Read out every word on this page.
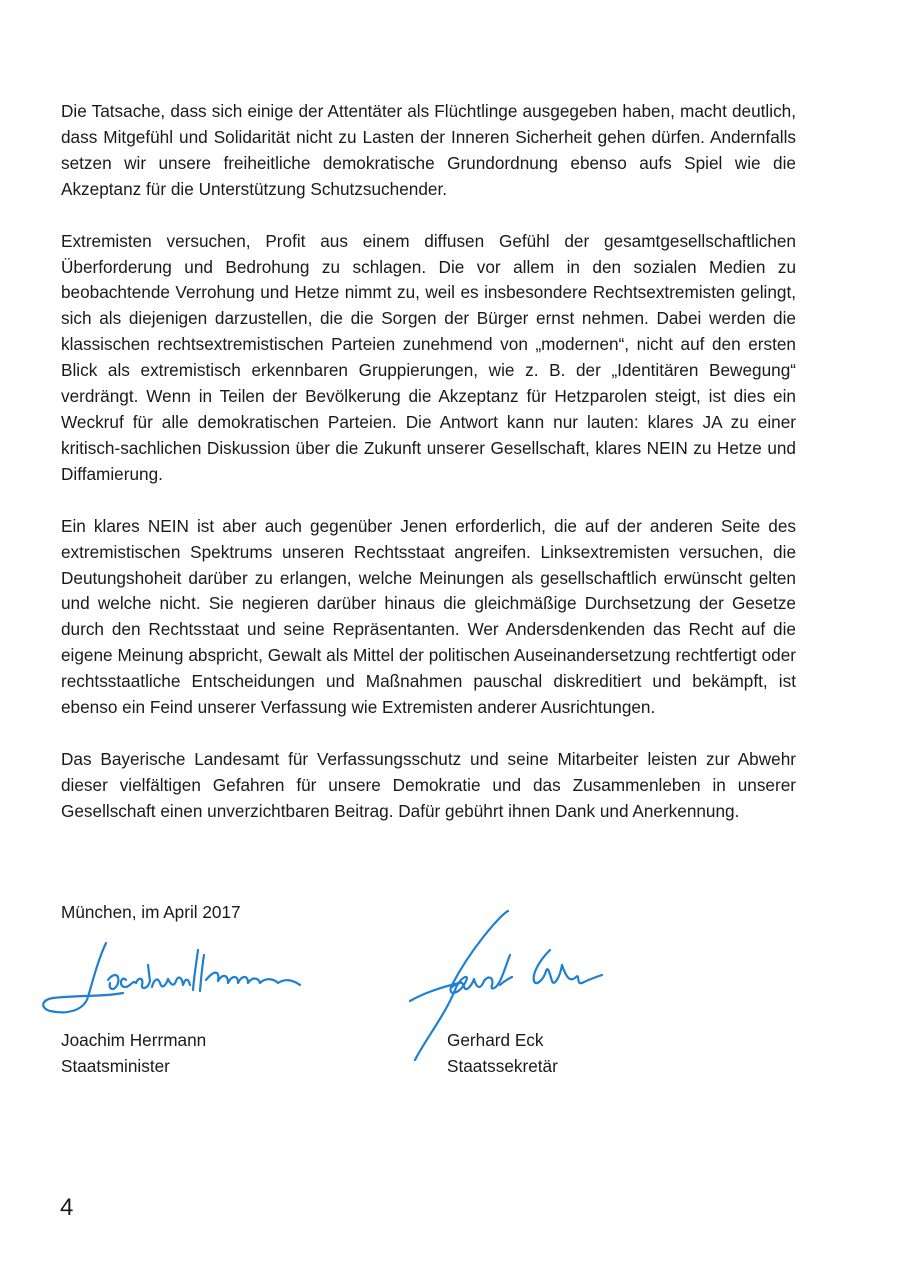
Die Tatsache, dass sich einige der Attentäter als Flüchtlinge ausgegeben haben, macht deutlich, dass Mitgefühl und Solidarität nicht zu Lasten der Inneren Sicherheit gehen dürfen. Andernfalls setzen wir unsere freiheitliche demokratische Grundordnung ebenso aufs Spiel wie die Akzeptanz für die Unterstützung Schutzsuchender.

Extremisten versuchen, Profit aus einem diffusen Gefühl der gesamtgesellschaftlichen Überforderung und Bedrohung zu schlagen. Die vor allem in den sozialen Medien zu beobachtende Verrohung und Hetze nimmt zu, weil es insbesondere Rechtsextremisten gelingt, sich als diejenigen darzustellen, die die Sorgen der Bürger ernst nehmen. Dabei werden die klassischen rechtsextremistischen Parteien zunehmend von „modernen“, nicht auf den ersten Blick als extremistisch erkennbaren Gruppierungen, wie z. B. der „Identitären Bewegung“ verdrängt. Wenn in Teilen der Bevölkerung die Akzeptanz für Hetzparolen steigt, ist dies ein Weckruf für alle demokratischen Parteien. Die Antwort kann nur lauten: klares JA zu einer kritisch-sachlichen Diskussion über die Zukunft unserer Gesellschaft, klares NEIN zu Hetze und Diffamierung.

Ein klares NEIN ist aber auch gegenüber Jenen erforderlich, die auf der anderen Seite des extremistischen Spektrums unseren Rechtsstaat angreifen. Linksextremisten versuchen, die Deutungshoheit darüber zu erlangen, welche Meinungen als gesellschaftlich erwünscht gelten und welche nicht. Sie negieren darüber hinaus die gleichmäßige Durchsetzung der Gesetze durch den Rechtsstaat und seine Repräsentanten. Wer Andersdenkenden das Recht auf die eigene Meinung abspricht, Gewalt als Mittel der politischen Auseinandersetzung rechtfertigt oder rechtsstaatliche Entscheidungen und Maßnahmen pauschal diskreditiert und bekämpft, ist ebenso ein Feind unserer Verfassung wie Extremisten anderer Ausrichtungen.

Das Bayerische Landesamt für Verfassungsschutz und seine Mitarbeiter leisten zur Abwehr dieser vielfältigen Gefahren für unsere Demokratie und das Zusammenleben in unserer Gesellschaft einen unverzichtbaren Beitrag. Dafür gebührt ihnen Dank und Anerkennung.

München, im April 2017

Joachim Herrmann
Staatsminister
Gerhard Eck
Staatssekretär
4
